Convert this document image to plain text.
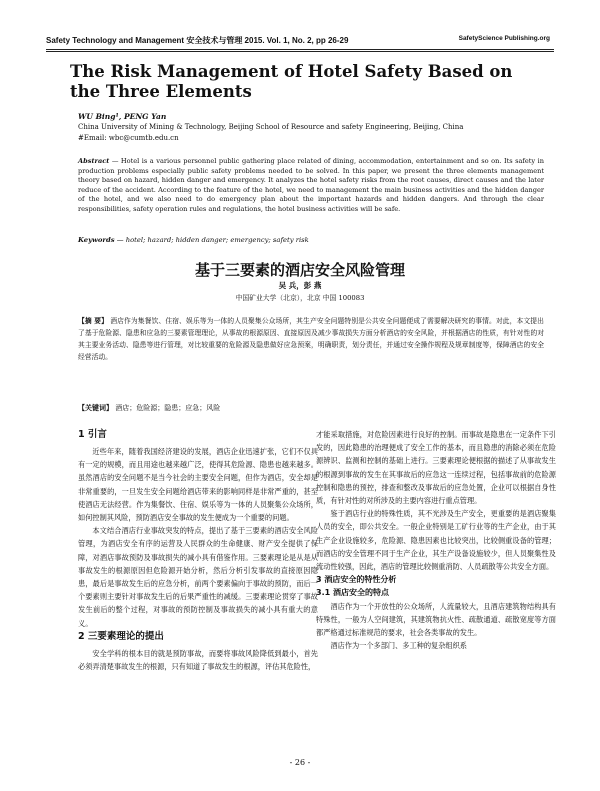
Safety Technology and Management 安全技术与管理 2015. Vol. 1, No. 2, pp 26-29	SafetyScience Publishing.org
The Risk Management of Hotel Safety Based on the Three Elements
WU Bing¹, PENG Yan
China University of Mining & Technology, Beijing School of Resource and safety Engineering, Beijing, China
#Email: wbc@cumtb.edu.cn
Abstract — Hotel is a various personnel public gathering place related of dining, accommodation, entertainment and so on. Its safety in production problems especially public safety problems needed to be solved. In this paper, we present the three elements management theory based on hazard, hidden danger and emergency. It analyzes the hotel safety risks from the root causes, direct causes and the later reduce of the accident. According to the feature of the hotel, we need to management the main business activities and the hidden danger of the hotel, and we also need to do emergency plan about the important hazards and hidden dangers. And through the clear responsibilities, safety operation rules and regulations, the hotel business activities will be safe.
Keywords — hotel; hazard; hidden danger; emergency; safety risk
基于三要素的酒店安全风险管理
吴 兵，彭 燕
中国矿业大学（北京），北京 中国 100083
【摘 要】 酒店作为集餐饮、住宿、娱乐等为一体的人员聚集公众场所，其生产安全问题特别是公共安全问题便成了需要解决研究的事情。对此，本文提出了基于危险源、隐患和应急的三要素管理理论，从事故的根源原因、直接原因及减少事故损失方面分析酒店的安全风险，并根据酒店的性质，有针对性的对其主要业务活动、隐患等进行管理，对比较重要的危险源及隐患做好应急预案，明确职责，划分责任，并通过安全操作规程及规章制度等，保障酒店的安全经营活动。
【关键词】 酒店；危险源；隐患；应急；风险
1 引言

近些年来，随着我国经济建设的发展，酒店企业迅速扩张，它们不仅具有一定的规模，而且用途也越来越广泛，使得其危险源、隐患也越来越多。虽然酒店的安全问题不是当今社会的主要安全问题，但作为酒店，安全却是非常重要的，一旦发生安全问题给酒店带来的影响同样是非常严重的，甚至使酒店无法经营。作为集餐饮、住宿、娱乐等为一体的人员聚集公众场所，如何控制其风险，预防酒店安全事故的发生便成为一个重要的问题。

本文结合酒店行业事故突发的特点，提出了基于三要素的酒店安全风险管理，为酒店安全有序的运营及人民群众的生命健康、财产安全提供了保障，对酒店事故预防及事故损失的减小具有借鉴作用。三要素理论是从是从事故发生的根源原因但危险源开始分析，然后分析引发事故的直接原因隐患，最后是事故发生后的应急分析，前两个要素偏向于事故的预防，而后一个要素则主要针对事故发生后的后果严重性的减缓。三要素理论贯穿了事故发生前后的整个过程，对事故的预防控制及事故损失的减小具有重大的意义。

2 三要素理论的提出

安全学科的根本目的就是预防事故，而要将事故风险降低到最小，首先必须弄清楚事故发生的根源，只有知道了事故发生的根源，评估其危险性，

才能采取措施，对危险因素进行良好的控制。而事故是隐患在一定条件下引发的，因此隐患的治理便成了安全工作的基本，而且隐患的消除必须在危险源辨识、监测和控制的基础上进行。三要素理论便根据的描述了从事故发生的根源到事故的发生在其事故后的应急这一连续过程，包括事故前的危险源控制和隐患的预控，排查和整改及事故后的应急处置，企业可以根据自身性质，有针对性的对所涉及的主要内容进行重点管理。

鉴于酒店行业的特殊性质，其不光涉及生产安全，更重要的是酒店聚集人员的安全，即公共安全。一般企业特别是工矿行业等的生产企业，由于其生产企业设施较多，危险源、隐患因素也比较突出，比较侧重设备的管理；而酒店的安全管理不同于生产企业，其生产设备设施较少，但人员聚集性及流动性较强，因此，酒店的管理比较侧重消防、人员疏散等公共安全方面。

3 酒店安全的特性分析
3.1 酒店安全的特点

酒店作为一个开放性的公众场所，人流量较大，且酒店建筑物结构具有特殊性，一般为人空间建筑，其建筑物抗火性、疏散通道、疏散宽度等方面都严格通过标准规范的要求，社会各类事故的发生。

酒店作为一个多部门、多工种的复杂组织系

- 26 -
